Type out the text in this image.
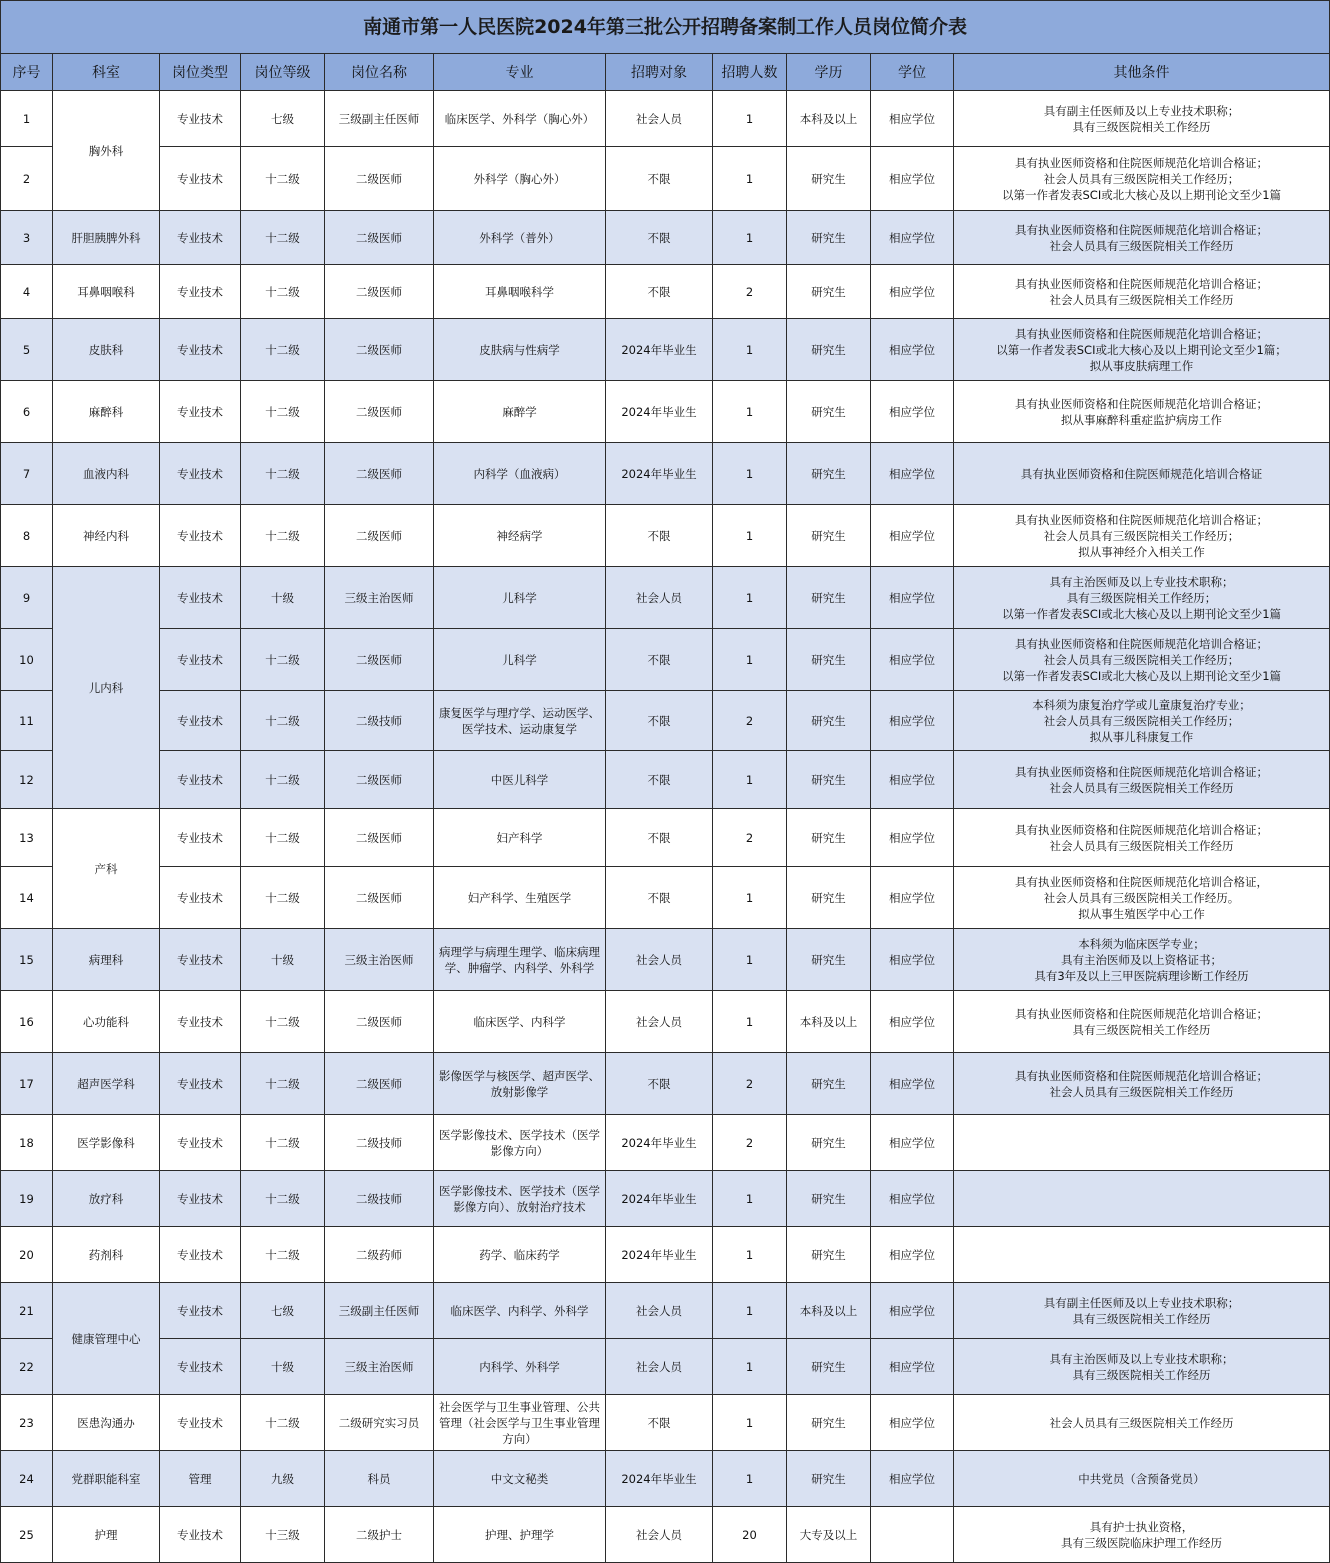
南通市第一人民医院2024年第三批公开招聘备案制工作人员岗位简介表										
序号	科室	岗位类型	岗位等级	岗位名称	专业	招聘对象	招聘人数	学历	学位	其他条件
1	胸外科	专业技术	七级	三级副主任医师	临床医学、外科学（胸心外）	社会人员	1	本科及以上	相应学位	具有副主任医师及以上专业技术职称；
具有三级医院相关工作经历

2		专业技术	十二级	二级医师	外科学（胸心外）	不限	1	研究生	相应学位	具有执业医师资格和住院医师规范化培训合格证；
社会人员具有三级医院相关工作经历；
以第一作者发表SCI或北大核心及以上期刊论文至少1篇

3	肝胆胰脾外科	专业技术	十二级	二级医师	外科学（普外）	不限	1	研究生	相应学位	具有执业医师资格和住院医师规范化培训合格证；
社会人员具有三级医院相关工作经历

4	耳鼻咽喉科	专业技术	十二级	二级医师	耳鼻咽喉科学	不限	2	研究生	相应学位	具有执业医师资格和住院医师规范化培训合格证；
社会人员具有三级医院相关工作经历

5	皮肤科	专业技术	十二级	二级医师	皮肤病与性病学	2024年毕业生	1	研究生	相应学位	具有执业医师资格和住院医师规范化培训合格证；
以第一作者发表SCI或北大核心及以上期刊论文至少1篇；
拟从事皮肤病理工作

6	麻醉科	专业技术	十二级	二级医师	麻醉学	2024年毕业生	1	研究生	相应学位	具有执业医师资格和住院医师规范化培训合格证；
拟从事麻醉科重症监护病房工作

7	血液内科	专业技术	十二级	二级医师	内科学（血液病）	2024年毕业生	1	研究生	相应学位	具有执业医师资格和住院医师规范化培训合格证

8	神经内科	专业技术	十二级	二级医师	神经病学	不限	1	研究生	相应学位	具有执业医师资格和住院医师规范化培训合格证；
社会人员具有三级医院相关工作经历；
拟从事神经介入相关工作

9	儿内科	专业技术	十级	三级主治医师	儿科学	社会人员	1	研究生	相应学位	具有主治医师及以上专业技术职称；
具有三级医院相关工作经历；
以第一作者发表SCI或北大核心及以上期刊论文至少1篇

10		专业技术	十二级	二级医师	儿科学	不限	1	研究生	相应学位	具有执业医师资格和住院医师规范化培训合格证；
社会人员具有三级医院相关工作经历；
以第一作者发表SCI或北大核心及以上期刊论文至少1篇

11		专业技术	十二级	二级技师	康复医学与理疗学、运动医学、医学技术、运动康复学	不限	2	研究生	相应学位	本科须为康复治疗学或儿童康复治疗专业；
社会人员具有三级医院相关工作经历；
拟从事儿科康复工作

12		专业技术	十二级	二级医师	中医儿科学	不限	1	研究生	相应学位	具有执业医师资格和住院医师规范化培训合格证；
社会人员具有三级医院相关工作经历

13	产科	专业技术	十二级	二级医师	妇产科学	不限	2	研究生	相应学位	具有执业医师资格和住院医师规范化培训合格证；
社会人员具有三级医院相关工作经历

14		专业技术	十二级	二级医师	妇产科学、生殖医学	不限	1	研究生	相应学位	具有执业医师资格和住院医师规范化培训合格证，
社会人员具有三级医院相关工作经历。
拟从事生殖医学中心工作

15	病理科	专业技术	十级	三级主治医师	病理学与病理生理学、临床病理学、肿瘤学、内科学、外科学	社会人员	1	研究生	相应学位	本科须为临床医学专业；
具有主治医师及以上资格证书；
具有3年及以上三甲医院病理诊断工作经历

16	心功能科	专业技术	十二级	二级医师	临床医学、内科学	社会人员	1	本科及以上	相应学位	具有执业医师资格和住院医师规范化培训合格证；
具有三级医院相关工作经历

17	超声医学科	专业技术	十二级	二级医师	影像医学与核医学、超声医学、放射影像学	不限	2	研究生	相应学位	具有执业医师资格和住院医师规范化培训合格证；
社会人员具有三级医院相关工作经历

18	医学影像科	专业技术	十二级	二级技师	医学影像技术、医学技术（医学影像方向）	2024年毕业生	2	研究生	相应学位	
19	放疗科	专业技术	十二级	二级技师	医学影像技术、医学技术（医学影像方向）、放射治疗技术	2024年毕业生	1	研究生	相应学位	
20	药剂科	专业技术	十二级	二级药师	药学、临床药学	2024年毕业生	1	研究生	相应学位	
21	健康管理中心	专业技术	七级	三级副主任医师	临床医学、内科学、外科学	社会人员	1	本科及以上	相应学位	具有副主任医师及以上专业技术职称；
具有三级医院相关工作经历

22		专业技术	十级	三级主治医师	内科学、外科学	社会人员	1	研究生	相应学位	具有主治医师及以上专业技术职称；
具有三级医院相关工作经历

23	医患沟通办	专业技术	十二级	二级研究实习员	社会医学与卫生事业管理、公共管理（社会医学与卫生事业管理方向）	不限	1	研究生	相应学位	社会人员具有三级医院相关工作经历

24	党群职能科室	管理	九级	科员	中文文秘类	2024年毕业生	1	研究生	相应学位	中共党员（含预备党员）

25	护理	专业技术	十三级	二级护士	护理、护理学	社会人员	20	大专及以上		具有护士执业资格，
具有三级医院临床护理工作经历
